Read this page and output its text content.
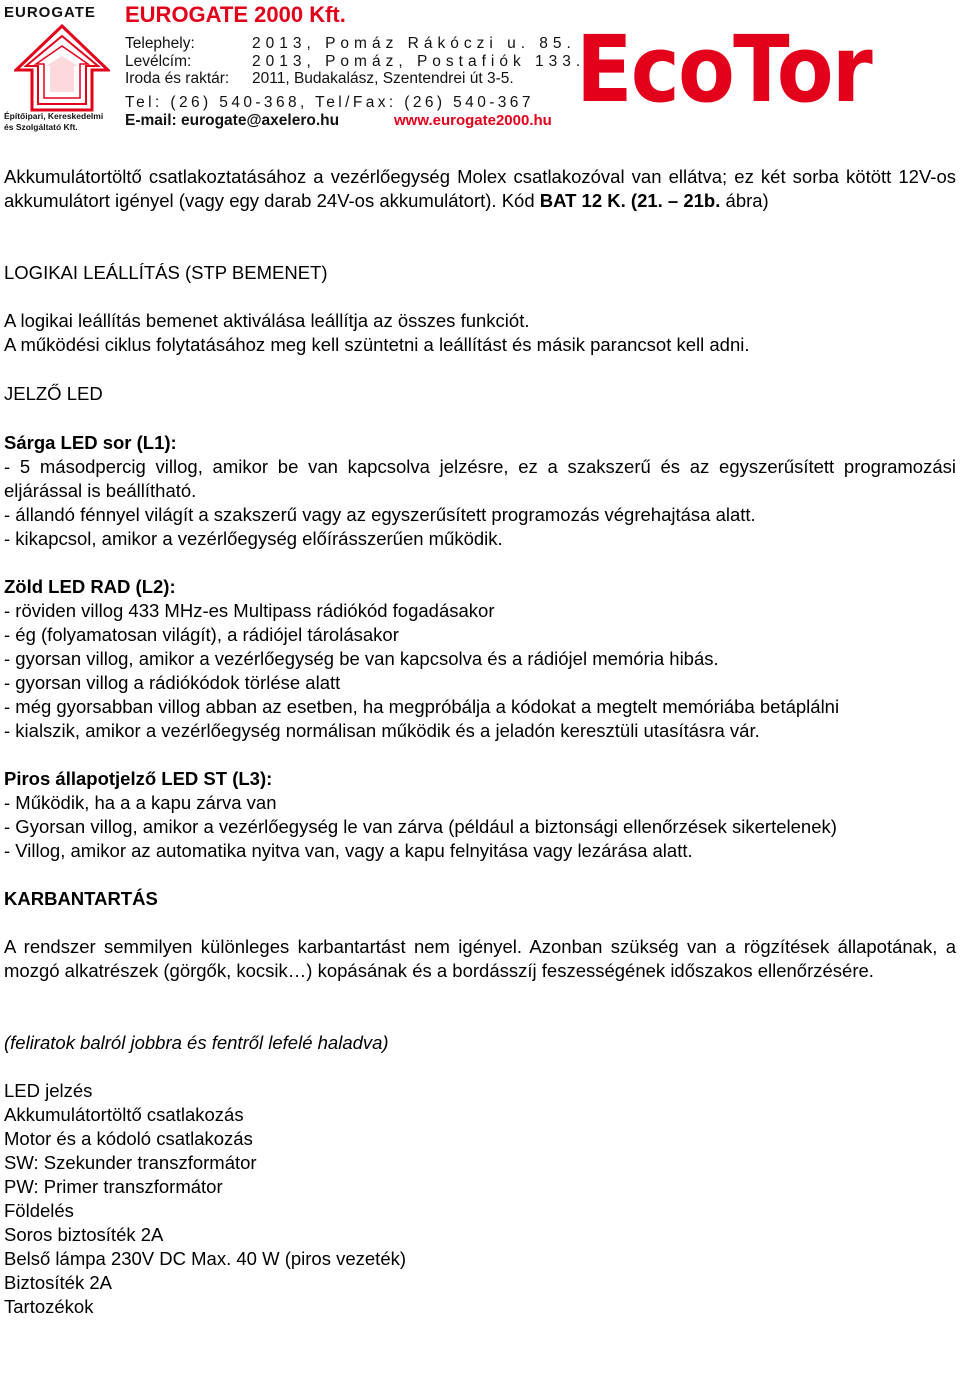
EUROGATE
Építőipari, Kereskedelmi
és Szolgáltató Kft.
EUROGATE 2000 Kft.
Telephely:	2013, Pomáz Rákóczi u. 85.
Levélcím:	2013, Pomáz, Postafiók 133.
Iroda és raktár: 2011, Budakalász, Szentendrei út 3-5.
Tel: (26) 540-368, Tel/Fax: (26) 540-367
E-mail: eurogate@axelero.hu	www.eurogate2000.hu EcoTor

Akkumulátortöltő csatlakoztatásához a vezérlőegység Molex csatlakozóval van ellátva; ez két sorba kötött 12V-os akkumulátort igényel (vagy egy darab 24V-os akkumulátort). Kód BAT 12 K. (21. – 21b. ábra)

LOGIKAI LEÁLLÍTÁS (STP BEMENET)

A logikai leállítás bemenet aktiválása leállítja az összes funkciót.

A működési ciklus folytatásához meg kell szüntetni a leállítást és másik parancsot kell adni.

JELZŐ LED

Sárga LED sor (L1):

- 5 másodpercig villog, amikor be van kapcsolva jelzésre, ez a szakszerű és az egyszerűsített programozási eljárással is beállítható.

- állandó fénnyel világít a szakszerű vagy az egyszerűsített programozás végrehajtása alatt.

- kikapcsol, amikor a vezérlőegység előírásszerűen működik.

Zöld LED RAD (L2):

- röviden villog 433 MHz-es Multipass rádiókód fogadásakor

- ég (folyamatosan világít), a rádiójel tárolásakor

- gyorsan villog, amikor a vezérlőegység be van kapcsolva és a rádiójel memória hibás.

- gyorsan villog a rádiókódok törlése alatt

- még gyorsabban villog abban az esetben, ha megpróbálja a kódokat a megtelt memóriába betáplálni

- kialszik, amikor a vezérlőegység normálisan működik és a jeladón keresztüli utasításra vár.

Piros állapotjelző LED ST (L3):

- Működik, ha a a kapu zárva van

- Gyorsan villog, amikor a vezérlőegység le van zárva (például a biztonsági ellenőrzések sikertelenek)

- Villog, amikor az automatika nyitva van, vagy a kapu felnyitása vagy lezárása alatt.

KARBANTARTÁS

A rendszer semmilyen különleges karbantartást nem igényel. Azonban szükség van a rögzítések állapotának, a mozgó alkatrészek (görgők, kocsik…) kopásának és a bordásszíj feszességének időszakos ellenőrzésére.

(feliratok balról jobbra és fentről lefelé haladva)

LED jelzés

Akkumulátortöltő csatlakozás

Motor és a kódoló csatlakozás

SW: Szekunder transzformátor

PW: Primer transzformátor

Földelés

Soros biztosíték 2A

Belső lámpa 230V DC Max. 40 W (piros vezeték)

Biztosíték 2A

Tartozékok
